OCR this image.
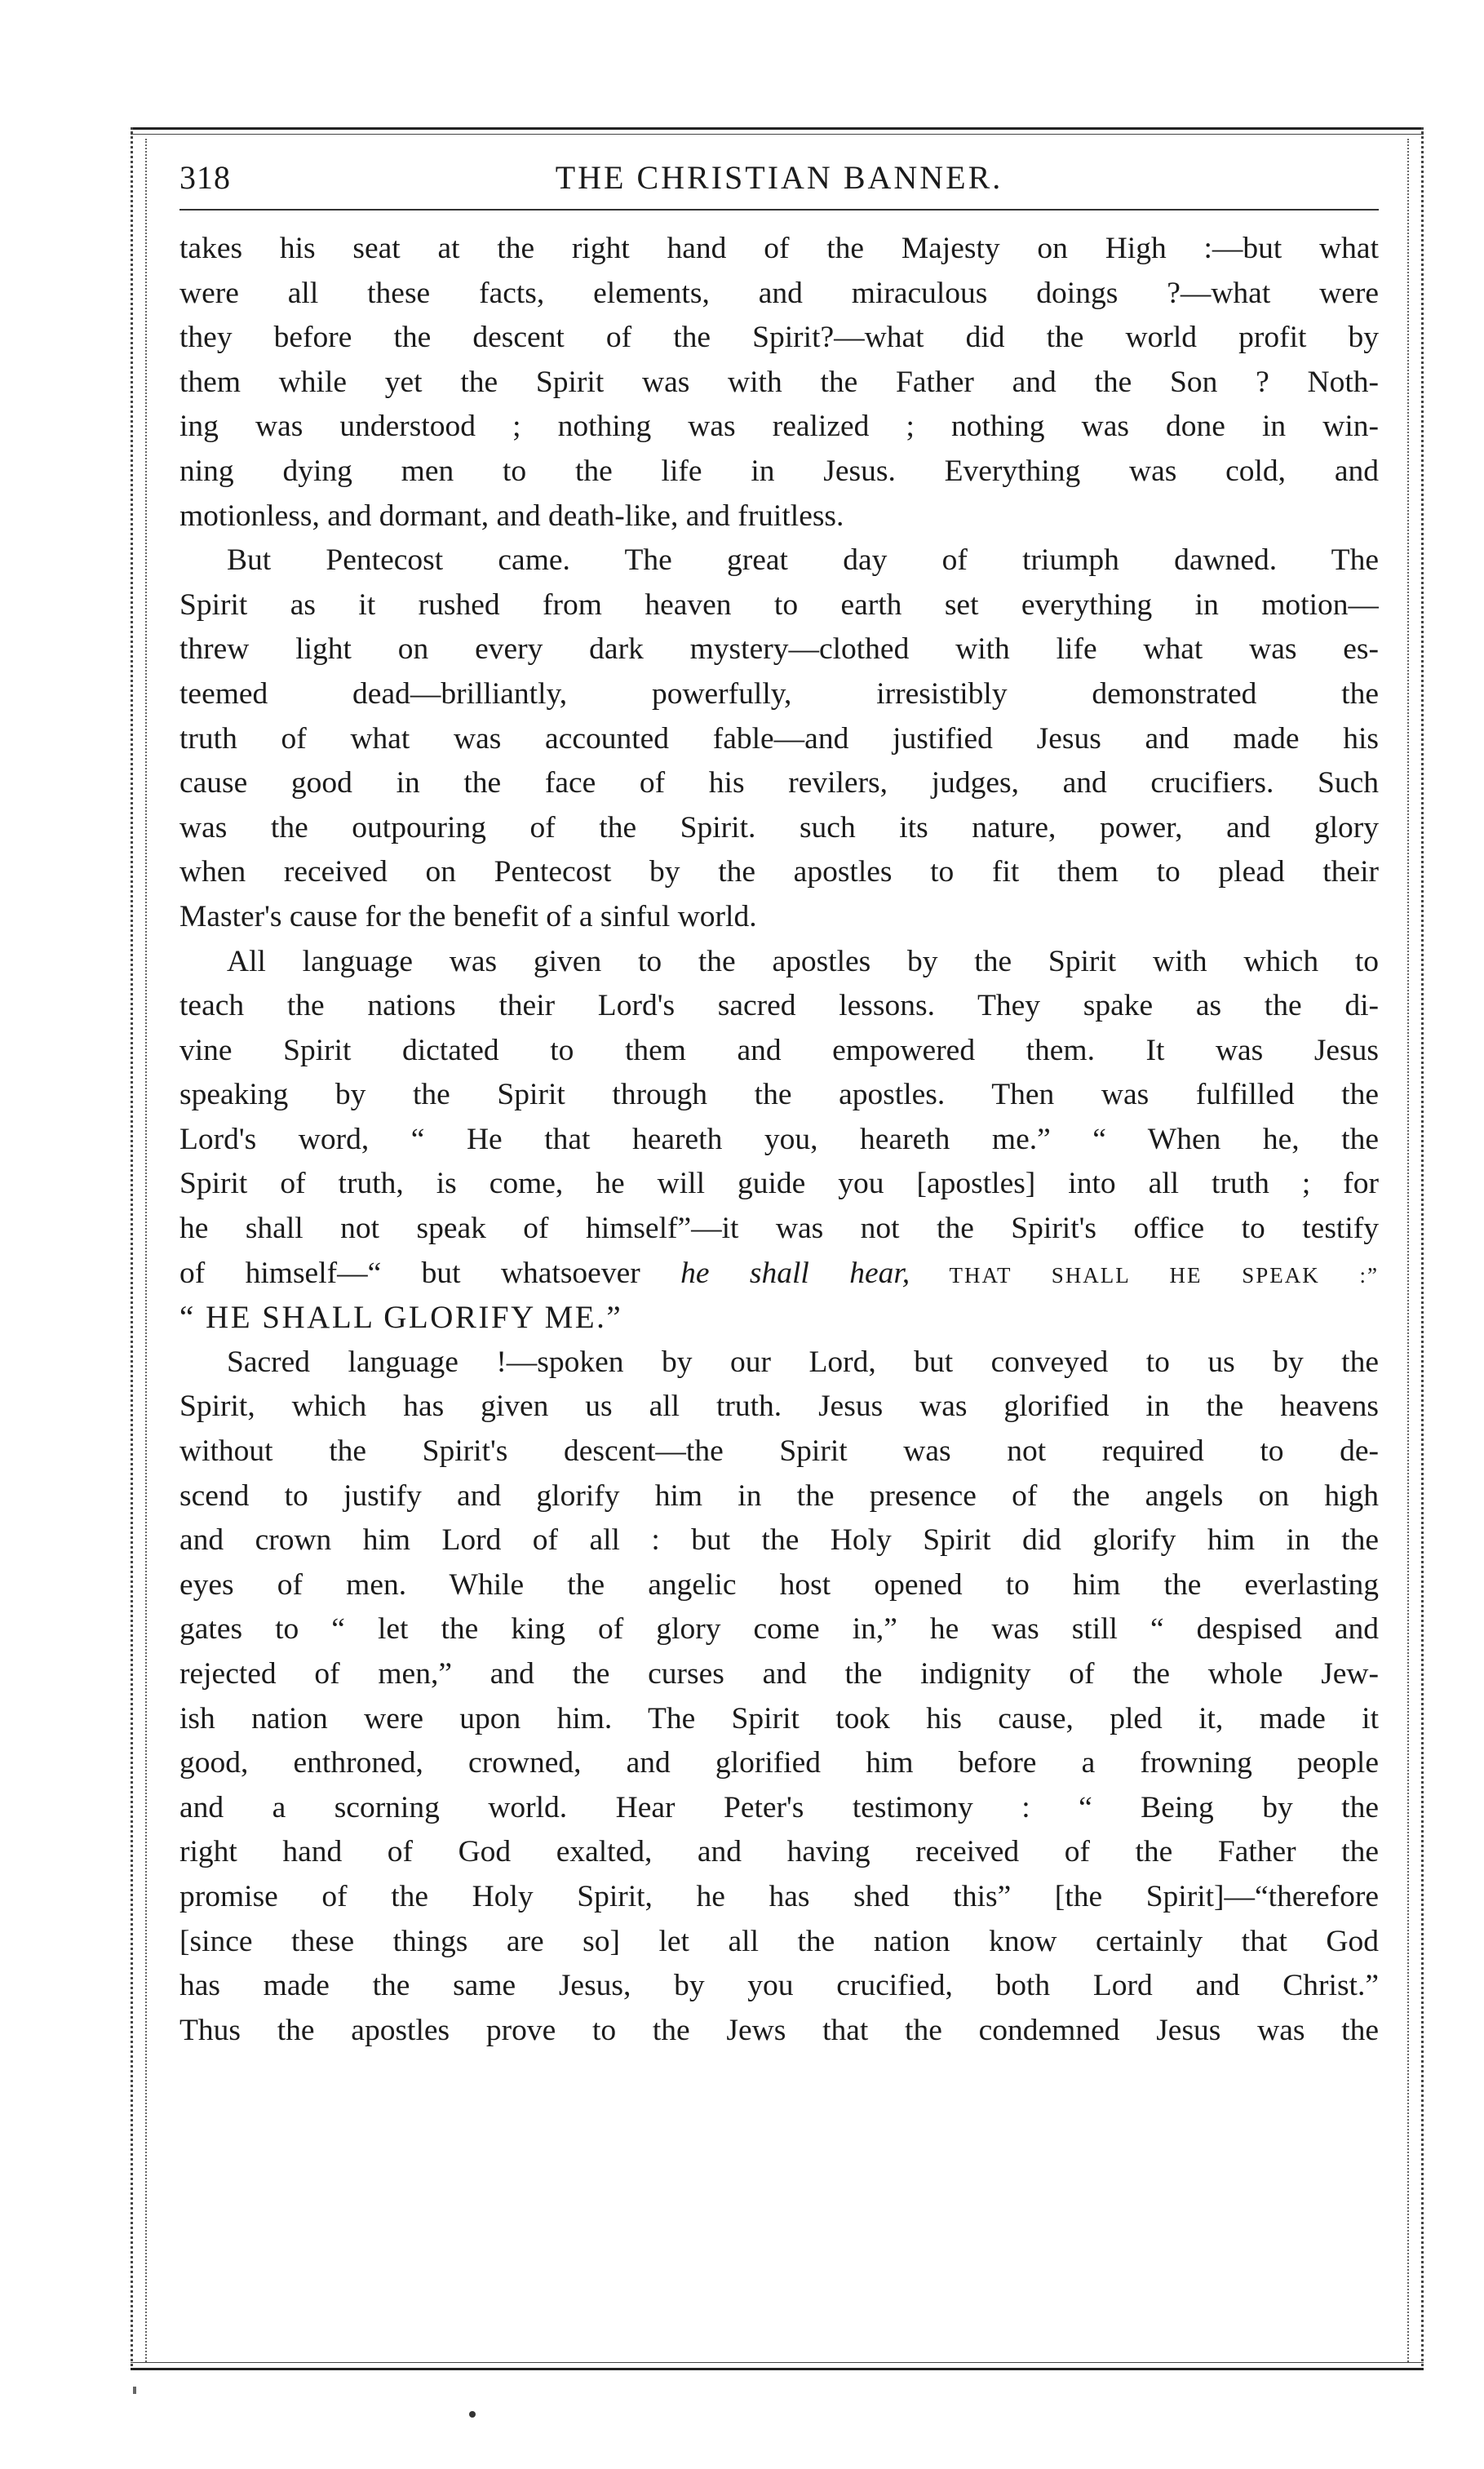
318	THE CHRISTIAN BANNER.
takes his seat at the right hand of the Majesty on High :—but what
were all these facts, elements, and miraculous doings ?—what were
they before the descent of the Spirit?—what did the world profit by
them while yet the Spirit was with the Father and the Son ? Noth-
ing was understood ; nothing was realized ; nothing was done in win-
ning dying men to the life in Jesus. Everything was cold, and
motionless, and dormant, and death-like, and fruitless.
But Pentecost came. The great day of triumph dawned. The
Spirit as it rushed from heaven to earth set everything in motion—
threw light on every dark mystery—clothed with life what was es-
teemed dead—brilliantly, powerfully, irresistibly demonstrated the
truth of what was accounted fable—and justified Jesus and made his
cause good in the face of his revilers, judges, and crucifiers. Such
was the outpouring of the Spirit. such its nature, power, and glory
when received on Pentecost by the apostles to fit them to plead their
Master's cause for the benefit of a sinful world.
All language was given to the apostles by the Spirit with which to
teach the nations their Lord's sacred lessons. They spake as the di-
vine Spirit dictated to them and empowered them. It was Jesus
speaking by the Spirit through the apostles. Then was fulfilled the
Lord's word, “ He that heareth you, heareth me.” “ When he, the
Spirit of truth, is come, he will guide you [apostles] into all truth ; for
he shall not speak of himself”—it was not the Spirit's office to testify
of himself—“ but whatsoever he shall hear, THAT SHALL HE SPEAK :”
“ HE SHALL GLORIFY ME.”
Sacred language !—spoken by our Lord, but conveyed to us by the
Spirit, which has given us all truth. Jesus was glorified in the heavens
without the Spirit's descent—the Spirit was not required to de-
scend to justify and glorify him in the presence of the angels on high
and crown him Lord of all : but the Holy Spirit did glorify him in the
eyes of men. While the angelic host opened to him the everlasting
gates to “ let the king of glory come in,” he was still “ despised and
rejected of men,” and the curses and the indignity of the whole Jew-
ish nation were upon him. The Spirit took his cause, pled it, made it
good, enthroned, crowned, and glorified him before a frowning people
and a scorning world. Hear Peter's testimony : “ Being by the
right hand of God exalted, and having received of the Father the
promise of the Holy Spirit, he has shed this” [the Spirit]—“therefore
[since these things are so] let all the nation know certainly that God
has made the same Jesus, by you crucified, both Lord and Christ.”
Thus the apostles prove to the Jews that the condemned Jesus was the
